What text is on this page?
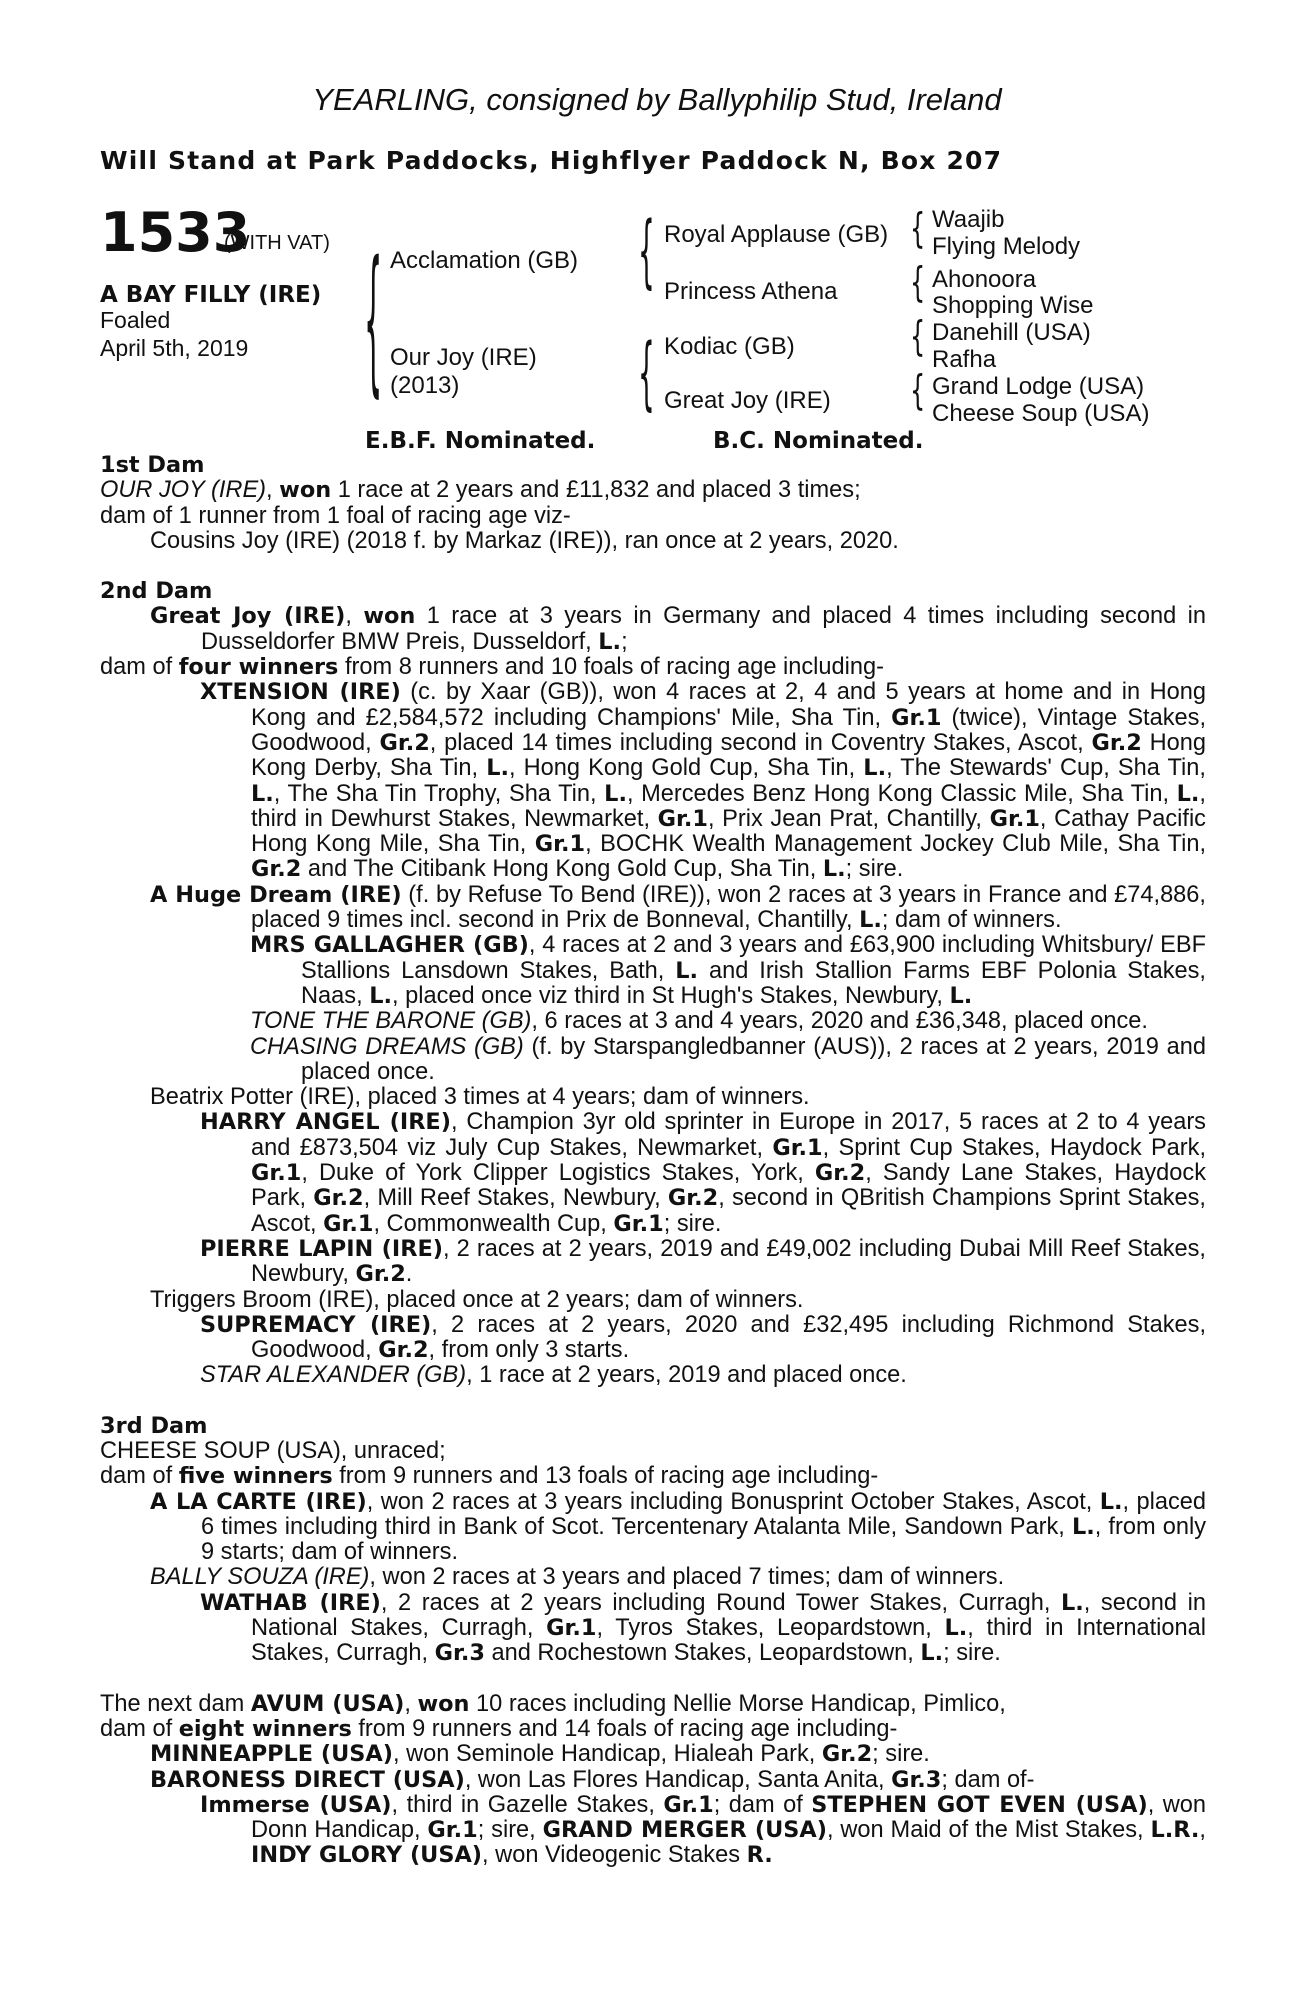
YEARLING, consigned by Ballyphilip Stud, Ireland
Will Stand at Park Paddocks, Highflyer Paddock N, Box 207
1533
(WITH VAT)
A BAY FILLY (IRE)
Foaled
April 5th, 2019	{ Acclamation (GB)
Our Joy (IRE)
(2013)
{
{
Royal Applause (GB)
Princess Athena
Kodiac (GB)
Great Joy (IRE)
{
{
{
{
Waajib
Flying Melody
Ahonoora
Shopping Wise
Danehill (USA)
Rafha
Grand Lodge (USA)
Cheese Soup (USA)
E.B.F. Nominated.	B.C. Nominated.

1st Dam

OUR JOY (IRE), won 1 race at 2 years and £11,832 and placed 3 times;

dam of 1 runner from 1 foal of racing age viz-

Cousins Joy (IRE) (2018 f. by Markaz (IRE)), ran once at 2 years, 2020.

2nd Dam

Great Joy (IRE), won 1 race at 3 years in Germany and placed 4 times including second in Dusseldorfer BMW Preis, Dusseldorf, L.;

dam of four winners from 8 runners and 10 foals of racing age including-

XTENSION (IRE) (c. by Xaar (GB)), won 4 races at 2, 4 and 5 years at home and in Hong Kong and £2,584,572 including Champions' Mile, Sha Tin, Gr.1 (twice), Vintage Stakes, Goodwood, Gr.2, placed 14 times including second in Coventry Stakes, Ascot, Gr.2 Hong Kong Derby, Sha Tin, L., Hong Kong Gold Cup, Sha Tin, L., The Stewards' Cup, Sha Tin, L., The Sha Tin Trophy, Sha Tin, L., Mercedes Benz Hong Kong Classic Mile, Sha Tin, L., third in Dewhurst Stakes, Newmarket, Gr.1, Prix Jean Prat, Chantilly, Gr.1, Cathay Pacific Hong Kong Mile, Sha Tin, Gr.1, BOCHK Wealth Management Jockey Club Mile, Sha Tin, Gr.2 and The Citibank Hong Kong Gold Cup, Sha Tin, L.; sire.

A Huge Dream (IRE) (f. by Refuse To Bend (IRE)), won 2 races at 3 years in France and £74,886, placed 9 times incl. second in Prix de Bonneval, Chantilly, L.; dam of winners.

MRS GALLAGHER (GB), 4 races at 2 and 3 years and £63,900 including Whitsbury/ EBF Stallions Lansdown Stakes, Bath, L. and Irish Stallion Farms EBF Polonia Stakes, Naas, L., placed once viz third in St Hugh's Stakes, Newbury, L.

TONE THE BARONE (GB), 6 races at 3 and 4 years, 2020 and £36,348, placed once.

CHASING DREAMS (GB) (f. by Starspangledbanner (AUS)), 2 races at 2 years, 2019 and placed once.

Beatrix Potter (IRE), placed 3 times at 4 years; dam of winners.

HARRY ANGEL (IRE), Champion 3yr old sprinter in Europe in 2017, 5 races at 2 to 4 years and £873,504 viz July Cup Stakes, Newmarket, Gr.1, Sprint Cup Stakes, Haydock Park, Gr.1, Duke of York Clipper Logistics Stakes, York, Gr.2, Sandy Lane Stakes, Haydock Park, Gr.2, Mill Reef Stakes, Newbury, Gr.2, second in QBritish Champions Sprint Stakes, Ascot, Gr.1, Commonwealth Cup, Gr.1; sire.

PIERRE LAPIN (IRE), 2 races at 2 years, 2019 and £49,002 including Dubai Mill Reef Stakes, Newbury, Gr.2.

Triggers Broom (IRE), placed once at 2 years; dam of winners.

SUPREMACY (IRE), 2 races at 2 years, 2020 and £32,495 including Richmond Stakes, Goodwood, Gr.2, from only 3 starts.

STAR ALEXANDER (GB), 1 race at 2 years, 2019 and placed once.

3rd Dam

CHEESE SOUP (USA), unraced;

dam of five winners from 9 runners and 13 foals of racing age including-

A LA CARTE (IRE), won 2 races at 3 years including Bonusprint October Stakes, Ascot, L., placed 6 times including third in Bank of Scot. Tercentenary Atalanta Mile, Sandown Park, L., from only 9 starts; dam of winners.

BALLY SOUZA (IRE), won 2 races at 3 years and placed 7 times; dam of winners.

WATHAB (IRE), 2 races at 2 years including Round Tower Stakes, Curragh, L., second in National Stakes, Curragh, Gr.1, Tyros Stakes, Leopardstown, L., third in International Stakes, Curragh, Gr.3 and Rochestown Stakes, Leopardstown, L.; sire.

The next dam AVUM (USA), won 10 races including Nellie Morse Handicap, Pimlico,

dam of eight winners from 9 runners and 14 foals of racing age including-

MINNEAPPLE (USA), won Seminole Handicap, Hialeah Park, Gr.2; sire.

BARONESS DIRECT (USA), won Las Flores Handicap, Santa Anita, Gr.3; dam of-

Immerse (USA), third in Gazelle Stakes, Gr.1; dam of STEPHEN GOT EVEN (USA), won Donn Handicap, Gr.1; sire, GRAND MERGER (USA), won Maid of the Mist Stakes, L.R., INDY GLORY (USA), won Videogenic Stakes R.
